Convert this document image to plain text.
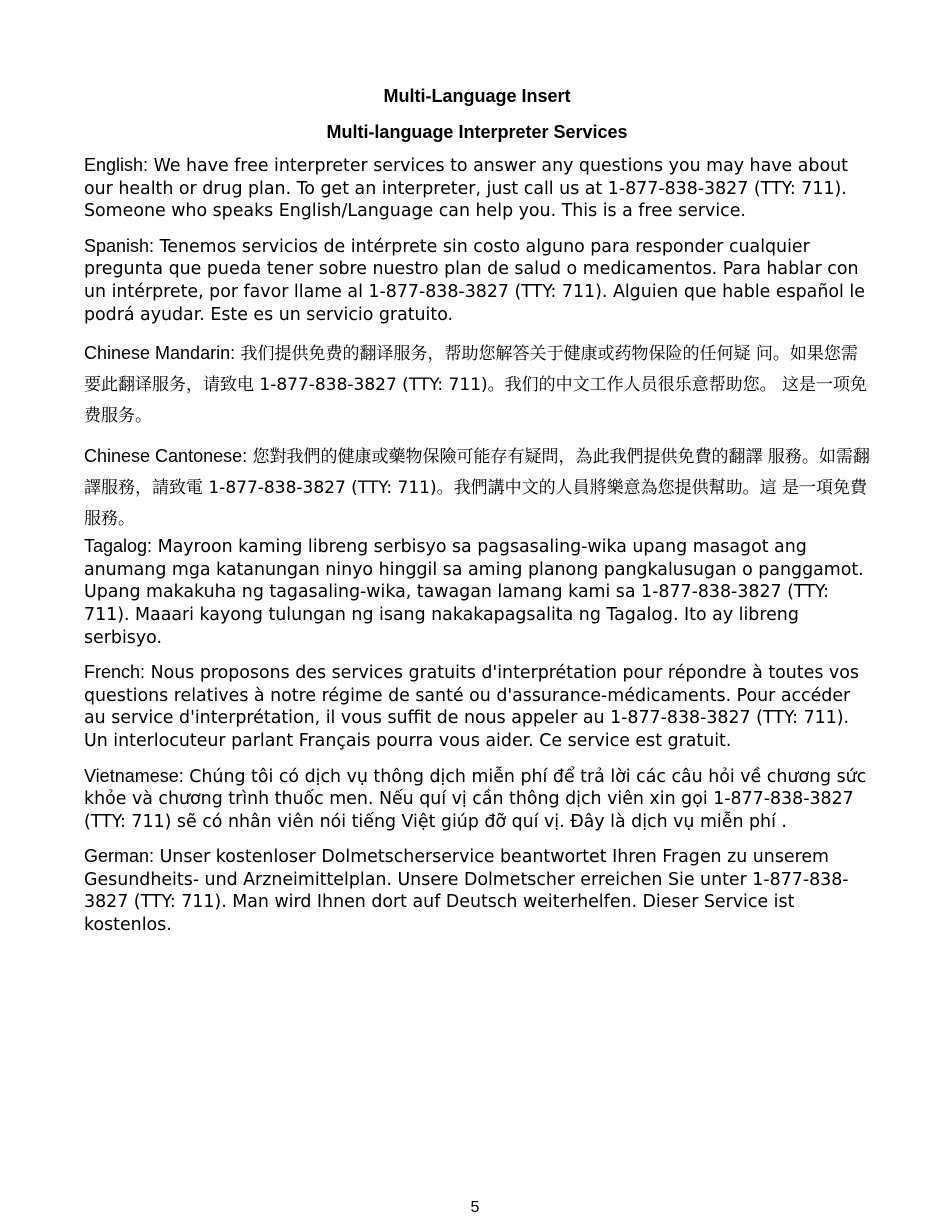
Multi-Language Insert
Multi-language Interpreter Services

English: We have free interpreter services to answer any questions you may have about our health or drug plan. To get an interpreter, just call us at 1-877-838-3827 (TTY: 711). Someone who speaks English/Language can help you. This is a free service.

Spanish: Tenemos servicios de intérprete sin costo alguno para responder cualquier pregunta que pueda tener sobre nuestro plan de salud o medicamentos. Para hablar con un intérprete, por favor llame al 1-877-838-3827 (TTY: 711). Alguien que hable español le podrá ayudar. Este es un servicio gratuito.

Chinese Mandarin: 我们提供免费的翻译服务，帮助您解答关于健康或药物保险的任何疑 问。如果您需要此翻译服务，请致电 1-877-838-3827 (TTY: 711)。我们的中文工作人员很乐意帮助您。 这是一项免费服务。

Chinese Cantonese: 您對我們的健康或藥物保險可能存有疑問，為此我們提供免費的翻譯 服務。如需翻譯服務，請致電 1-877-838-3827 (TTY: 711)。我們講中文的人員將樂意為您提供幫助。這 是一項免費服務。

Tagalog: Mayroon kaming libreng serbisyo sa pagsasaling-wika upang masagot ang anumang mga katanungan ninyo hinggil sa aming planong pangkalusugan o panggamot. Upang makakuha ng tagasaling-wika, tawagan lamang kami sa 1-877-838-3827 (TTY: 711). Maaari kayong tulungan ng isang nakakapagsalita ng Tagalog. Ito ay libreng serbisyo.

French: Nous proposons des services gratuits d'interprétation pour répondre à toutes vos questions relatives à notre régime de santé ou d'assurance-médicaments. Pour accéder au service d'interprétation, il vous suffit de nous appeler au 1-877-838-3827 (TTY: 711). Un interlocuteur parlant Français pourra vous aider. Ce service est gratuit.

Vietnamese: Chúng tôi có dịch vụ thông dịch miễn phí để trả lời các câu hỏi về chương sức khỏe và chương trình thuốc men. Nếu quí vị cần thông dịch viên xin gọi 1-877-838-3827 (TTY: 711) sẽ có nhân viên nói tiếng Việt giúp đỡ quí vị. Đây là dịch vụ miễn phí .

German: Unser kostenloser Dolmetscherservice beantwortet Ihren Fragen zu unserem Gesundheits- und Arzneimittelplan. Unsere Dolmetscher erreichen Sie unter 1-877-838-3827 (TTY: 711). Man wird Ihnen dort auf Deutsch weiterhelfen. Dieser Service ist kostenlos.

5
